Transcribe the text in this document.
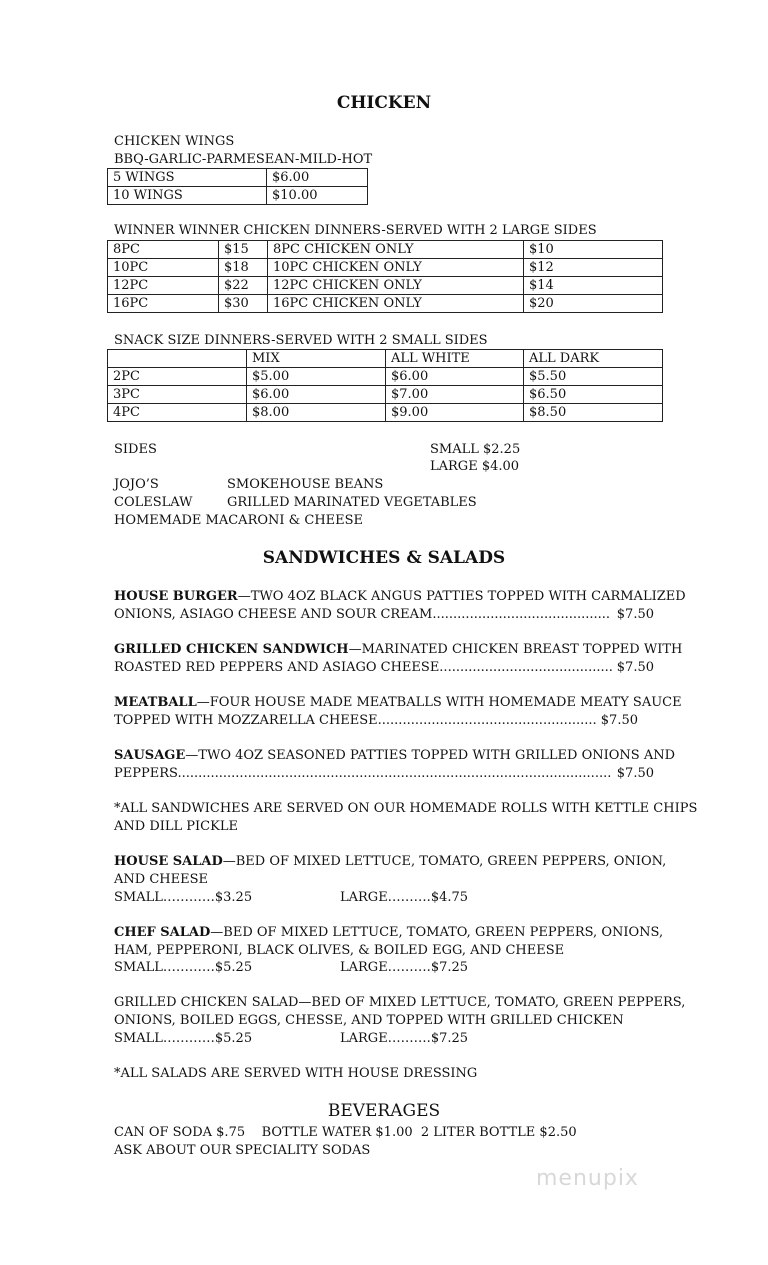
CHICKEN
CHICKEN WINGS
BBQ-GARLIC-PARMESEAN-MILD-HOT
5 WINGS	$6.00
10 WINGS	$10.00
WINNER WINNER CHICKEN DINNERS-SERVED WITH 2 LARGE SIDES
8PC	$15	8PC CHICKEN ONLY	$10
10PC	$18	10PC CHICKEN ONLY	$12
12PC	$22	12PC CHICKEN ONLY	$14
16PC	$30	16PC CHICKEN ONLY	$20
SNACK SIZE DINNERS-SERVED WITH 2 SMALL SIDES
	MIX	ALL WHITE	ALL DARK
2PC	$5.00	$6.00	$5.50
3PC	$6.00	$7.00	$6.50
4PC	$8.00	$9.00	$8.50
SIDES	SMALL $2.25
LARGE $4.00
JOJO’S	SMOKEHOUSE BEANS
COLESLAW	GRILLED MARINATED VEGETABLES
HOMEMADE MACARONI & CHEESE
SANDWICHES & SALADS
HOUSE BURGER—TWO 4OZ BLACK ANGUS PATTIES TOPPED WITH CARMALIZED
ONIONS, ASIAGO CHEESE AND SOUR CREAM........................................... $7.50
GRILLED CHICKEN SANDWICH—MARINATED CHICKEN BREAST TOPPED WITH
ROASTED RED PEPPERS AND ASIAGO CHEESE.......................................... $7.50
MEATBALL—FOUR HOUSE MADE MEATBALLS WITH HOMEMADE MEATY SAUCE
TOPPED WITH MOZZARELLA CHEESE..................................................... $7.50
SAUSAGE—TWO 4OZ SEASONED PATTIES TOPPED WITH GRILLED ONIONS AND
PEPPERS......................................................................................................... $7.50
*ALL SANDWICHES ARE SERVED ON OUR HOMEMADE ROLLS WITH KETTLE CHIPS
AND DILL PICKLE
HOUSE SALAD—BED OF MIXED LETTUCE, TOMATO, GREEN PEPPERS, ONION,
AND CHEESE
SMALL…………$3.25	LARGE……….$4.75
CHEF SALAD—BED OF MIXED LETTUCE, TOMATO, GREEN PEPPERS, ONIONS,
HAM, PEPPERONI, BLACK OLIVES, & BOILED EGG, AND CHEESE
SMALL…………$5.25	LARGE……….$7.25
GRILLED CHICKEN SALAD—BED OF MIXED LETTUCE, TOMATO, GREEN PEPPERS,
ONIONS, BOILED EGGS, CHESSE, AND TOPPED WITH GRILLED CHICKEN
SMALL…………$5.25	LARGE……….$7.25
*ALL SALADS ARE SERVED WITH HOUSE DRESSING
BEVERAGES
CAN OF SODA $.75    BOTTLE WATER $1.00  2 LITER BOTTLE $2.50
ASK ABOUT OUR SPECIALITY SODAS
menupix
